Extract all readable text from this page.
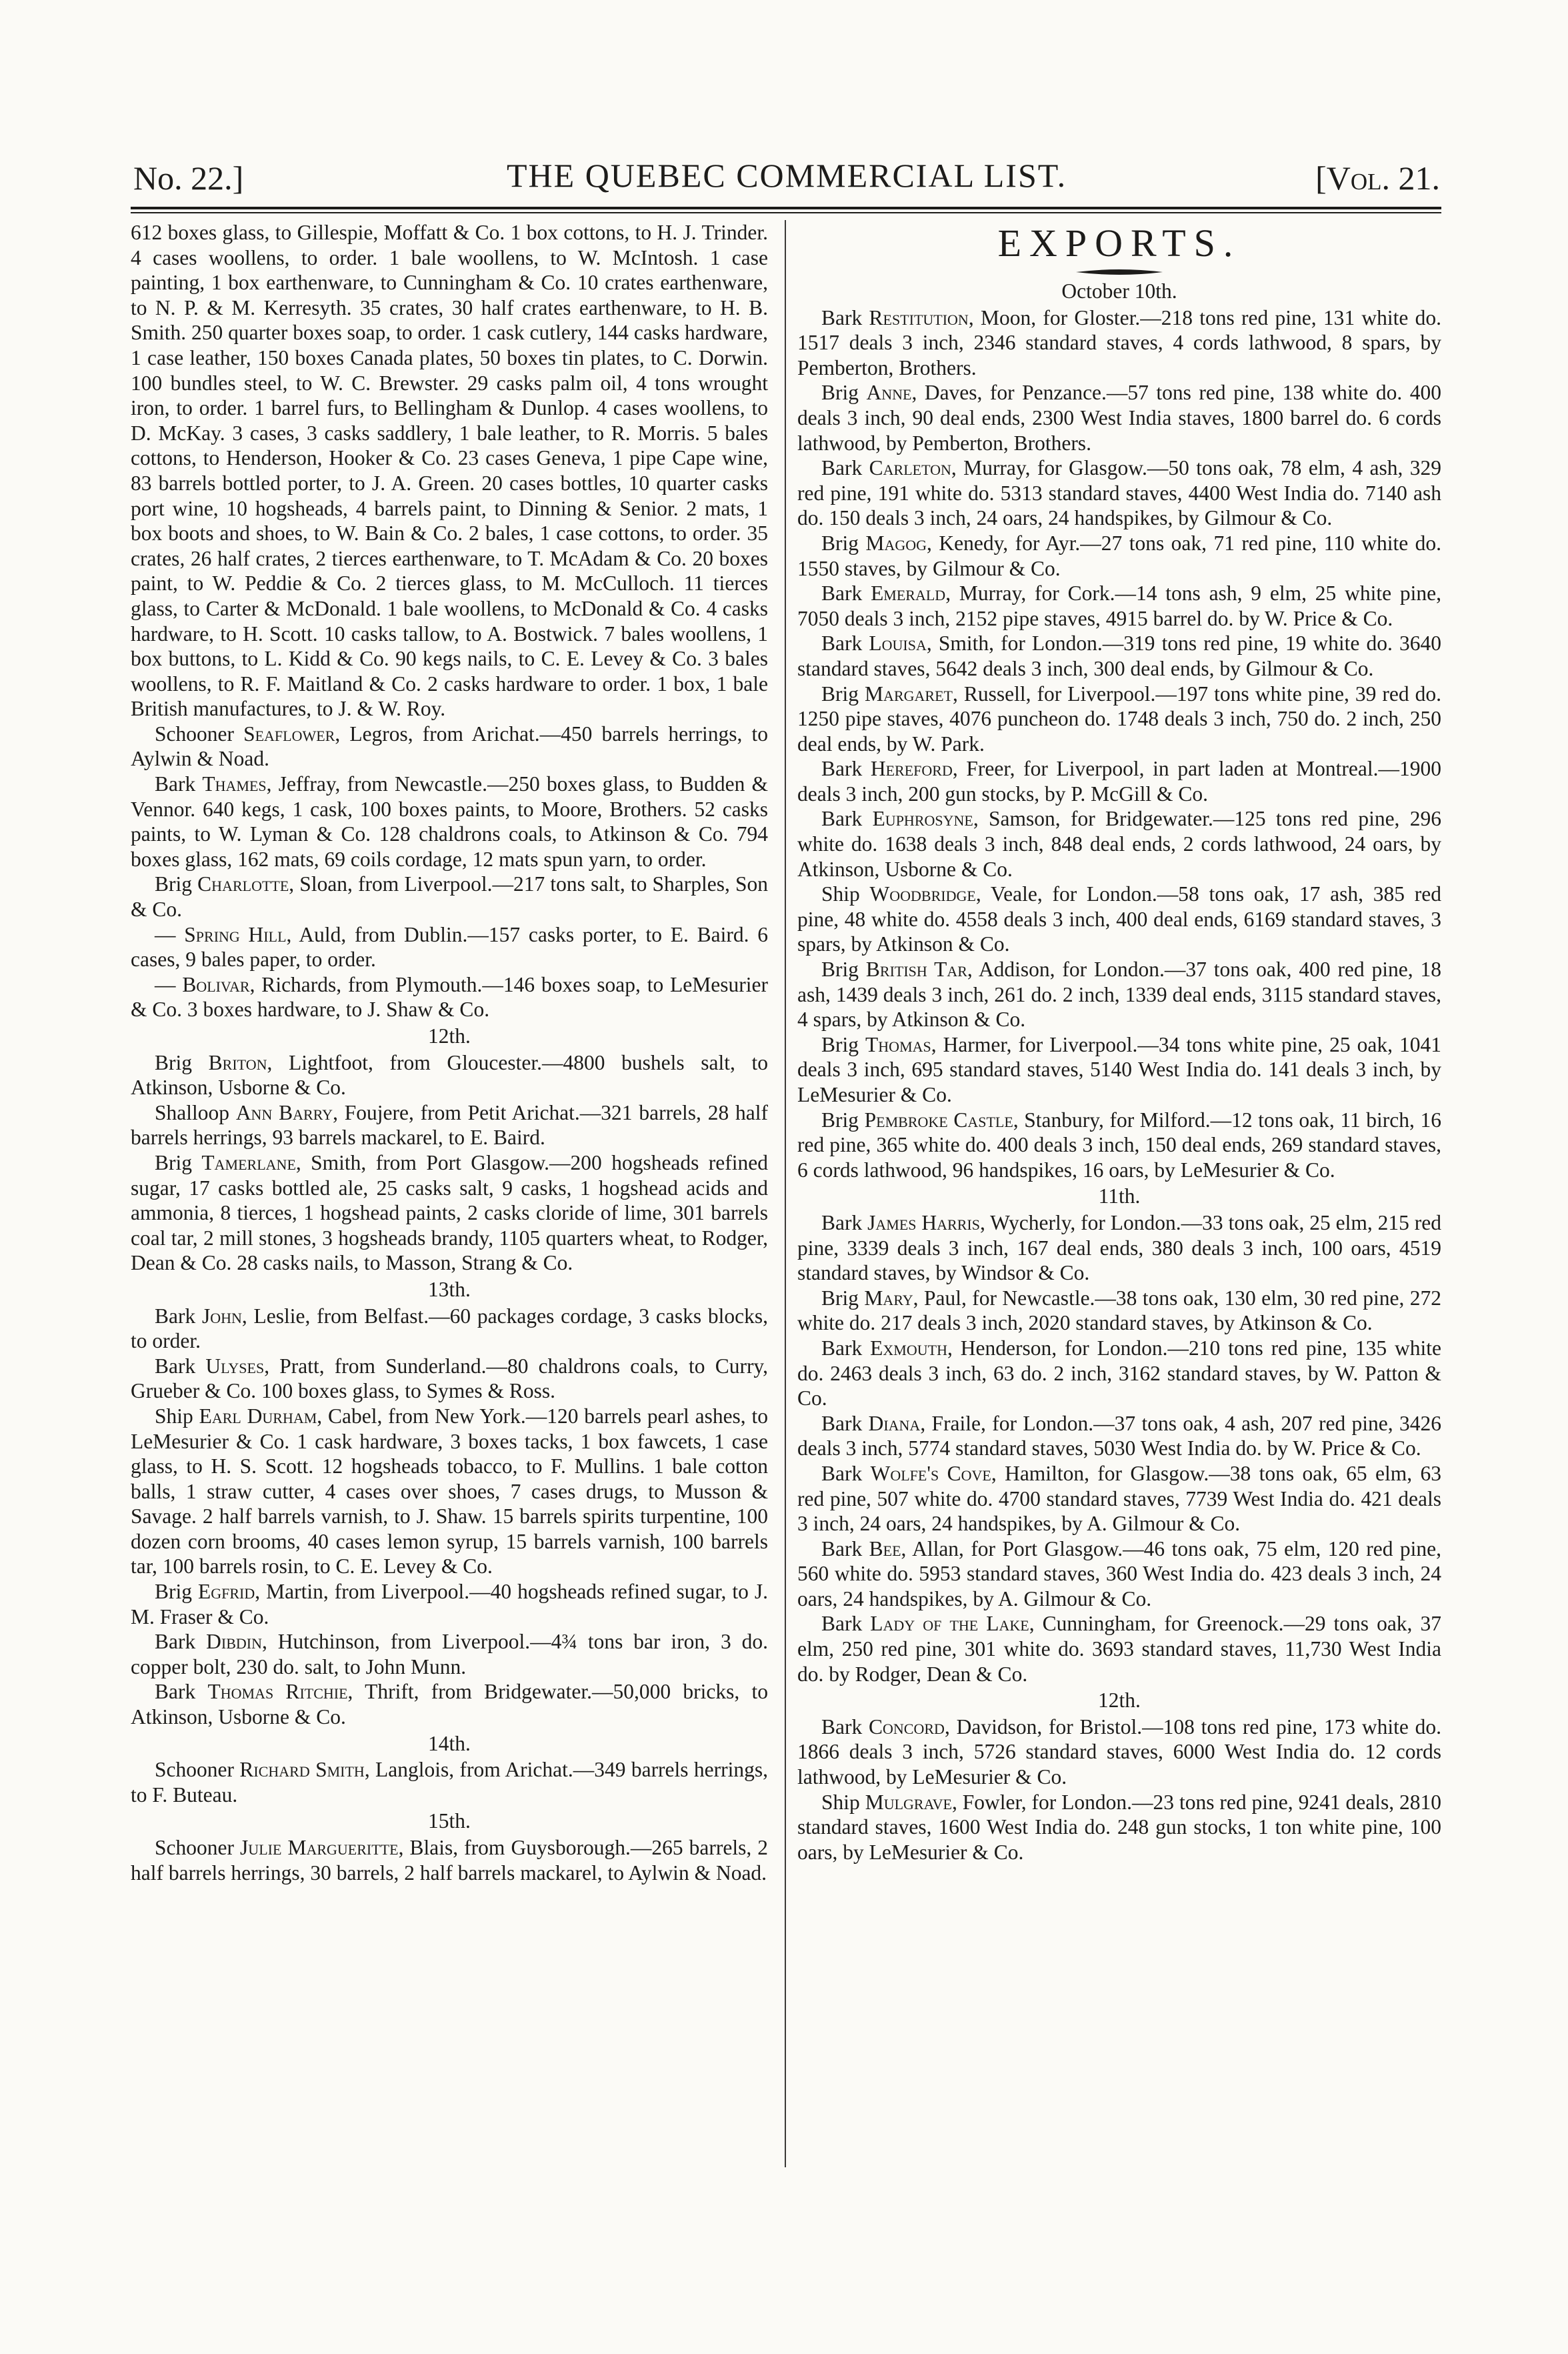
No. 22.]	THE QUEBEC COMMERCIAL LIST.	[Vol. 21.

612 boxes glass, to Gillespie, Moffatt & Co. 1 box cottons, to H. J. Trinder. 4 cases woollens, to order. 1 bale woollens, to W. McIntosh. 1 case painting, 1 box earthenware, to Cunningham & Co. 10 crates earthenware, to N. P. & M. Kerresyth. 35 crates, 30 half crates earthenware, to H. B. Smith. 250 quarter boxes soap, to order. 1 cask cutlery, 144 casks hardware, 1 case leather, 150 boxes Canada plates, 50 boxes tin plates, to C. Dorwin. 100 bundles steel, to W. C. Brewster. 29 casks palm oil, 4 tons wrought iron, to order. 1 barrel furs, to Bellingham & Dunlop. 4 cases woollens, to D. McKay. 3 cases, 3 casks saddlery, 1 bale leather, to R. Morris. 5 bales cottons, to Henderson, Hooker & Co. 23 cases Geneva, 1 pipe Cape wine, 83 barrels bottled porter, to J. A. Green. 20 cases bottles, 10 quarter casks port wine, 10 hogsheads, 4 barrels paint, to Dinning & Senior. 2 mats, 1 box boots and shoes, to W. Bain & Co. 2 bales, 1 case cottons, to order. 35 crates, 26 half crates, 2 tierces earthenware, to T. McAdam & Co. 20 boxes paint, to W. Peddie & Co. 2 tierces glass, to M. McCulloch. 11 tierces glass, to Carter & McDonald. 1 bale woollens, to McDonald & Co. 4 casks hardware, to H. Scott. 10 casks tallow, to A. Bostwick. 7 bales woollens, 1 box buttons, to L. Kidd & Co. 90 kegs nails, to C. E. Levey & Co. 3 bales woollens, to R. F. Maitland & Co. 2 casks hardware to order. 1 box, 1 bale British manufactures, to J. & W. Roy.

Schooner Seaflower, Legros, from Arichat.—450 barrels herrings, to Aylwin & Noad.

Bark Thames, Jeffray, from Newcastle.—250 boxes glass, to Budden & Vennor. 640 kegs, 1 cask, 100 boxes paints, to Moore, Brothers. 52 casks paints, to W. Lyman & Co. 128 chaldrons coals, to Atkinson & Co. 794 boxes glass, 162 mats, 69 coils cordage, 12 mats spun yarn, to order.

Brig Charlotte, Sloan, from Liverpool.—217 tons salt, to Sharples, Son & Co.

— Spring Hill, Auld, from Dublin.—157 casks porter, to E. Baird. 6 cases, 9 bales paper, to order.

— Bolivar, Richards, from Plymouth.—146 boxes soap, to LeMesurier & Co. 3 boxes hardware, to J. Shaw & Co.

12th.

Brig Briton, Lightfoot, from Gloucester.—4800 bushels salt, to Atkinson, Usborne & Co.

Shalloop Ann Barry, Foujere, from Petit Arichat.—321 barrels, 28 half barrels herrings, 93 barrels mackarel, to E. Baird.

Brig Tamerlane, Smith, from Port Glasgow.—200 hogsheads refined sugar, 17 casks bottled ale, 25 casks salt, 9 casks, 1 hogshead acids and ammonia, 8 tierces, 1 hogshead paints, 2 casks cloride of lime, 301 barrels coal tar, 2 mill stones, 3 hogsheads brandy, 1105 quarters wheat, to Rodger, Dean & Co. 28 casks nails, to Masson, Strang & Co.

13th.

Bark John, Leslie, from Belfast.—60 packages cordage, 3 casks blocks, to order.

Bark Ulyses, Pratt, from Sunderland.—80 chaldrons coals, to Curry, Grueber & Co. 100 boxes glass, to Symes & Ross.

Ship Earl Durham, Cabel, from New York.—120 barrels pearl ashes, to LeMesurier & Co. 1 cask hardware, 3 boxes tacks, 1 box fawcets, 1 case glass, to H. S. Scott. 12 hogsheads tobacco, to F. Mullins. 1 bale cotton balls, 1 straw cutter, 4 cases over shoes, 7 cases drugs, to Musson & Savage. 2 half barrels varnish, to J. Shaw. 15 barrels spirits turpentine, 100 dozen corn brooms, 40 cases lemon syrup, 15 barrels varnish, 100 barrels tar, 100 barrels rosin, to C. E. Levey & Co.

Brig Egfrid, Martin, from Liverpool.—40 hogsheads refined sugar, to J. M. Fraser & Co.

Bark Dibdin, Hutchinson, from Liverpool.—4¾ tons bar iron, 3 do. copper bolt, 230 do. salt, to John Munn.

Bark Thomas Ritchie, Thrift, from Bridgewater.—50,000 bricks, to Atkinson, Usborne & Co.

14th.

Schooner Richard Smith, Langlois, from Arichat.—349 barrels herrings, to F. Buteau.

15th.

Schooner Julie Margueritte, Blais, from Guysborough.—265 barrels, 2 half barrels herrings, 30 barrels, 2 half barrels mackarel, to Aylwin & Noad.

EXPORTS.
October 10th.

Bark Restitution, Moon, for Gloster.—218 tons red pine, 131 white do. 1517 deals 3 inch, 2346 standard staves, 4 cords lathwood, 8 spars, by Pemberton, Brothers.

Brig Anne, Daves, for Penzance.—57 tons red pine, 138 white do. 400 deals 3 inch, 90 deal ends, 2300 West India staves, 1800 barrel do. 6 cords lathwood, by Pemberton, Brothers.

Bark Carleton, Murray, for Glasgow.—50 tons oak, 78 elm, 4 ash, 329 red pine, 191 white do. 5313 standard staves, 4400 West India do. 7140 ash do. 150 deals 3 inch, 24 oars, 24 handspikes, by Gilmour & Co.

Brig Magog, Kenedy, for Ayr.—27 tons oak, 71 red pine, 110 white do. 1550 staves, by Gilmour & Co.

Bark Emerald, Murray, for Cork.—14 tons ash, 9 elm, 25 white pine, 7050 deals 3 inch, 2152 pipe staves, 4915 barrel do. by W. Price & Co.

Bark Louisa, Smith, for London.—319 tons red pine, 19 white do. 3640 standard staves, 5642 deals 3 inch, 300 deal ends, by Gilmour & Co.

Brig Margaret, Russell, for Liverpool.—197 tons white pine, 39 red do. 1250 pipe staves, 4076 puncheon do. 1748 deals 3 inch, 750 do. 2 inch, 250 deal ends, by W. Park.

Bark Hereford, Freer, for Liverpool, in part laden at Montreal.—1900 deals 3 inch, 200 gun stocks, by P. McGill & Co.

Bark Euphrosyne, Samson, for Bridgewater.—125 tons red pine, 296 white do. 1638 deals 3 inch, 848 deal ends, 2 cords lathwood, 24 oars, by Atkinson, Usborne & Co.

Ship Woodbridge, Veale, for London.—58 tons oak, 17 ash, 385 red pine, 48 white do. 4558 deals 3 inch, 400 deal ends, 6169 standard staves, 3 spars, by Atkinson & Co.

Brig British Tar, Addison, for London.—37 tons oak, 400 red pine, 18 ash, 1439 deals 3 inch, 261 do. 2 inch, 1339 deal ends, 3115 standard staves, 4 spars, by Atkinson & Co.

Brig Thomas, Harmer, for Liverpool.—34 tons white pine, 25 oak, 1041 deals 3 inch, 695 standard staves, 5140 West India do. 141 deals 3 inch, by LeMesurier & Co.

Brig Pembroke Castle, Stanbury, for Milford.—12 tons oak, 11 birch, 16 red pine, 365 white do. 400 deals 3 inch, 150 deal ends, 269 standard staves, 6 cords lathwood, 96 handspikes, 16 oars, by LeMesurier & Co.

11th.

Bark James Harris, Wycherly, for London.—33 tons oak, 25 elm, 215 red pine, 3339 deals 3 inch, 167 deal ends, 380 deals 3 inch, 100 oars, 4519 standard staves, by Windsor & Co.

Brig Mary, Paul, for Newcastle.—38 tons oak, 130 elm, 30 red pine, 272 white do. 217 deals 3 inch, 2020 standard staves, by Atkinson & Co.

Bark Exmouth, Henderson, for London.—210 tons red pine, 135 white do. 2463 deals 3 inch, 63 do. 2 inch, 3162 standard staves, by W. Patton & Co.

Bark Diana, Fraile, for London.—37 tons oak, 4 ash, 207 red pine, 3426 deals 3 inch, 5774 standard staves, 5030 West India do. by W. Price & Co.

Bark Wolfe's Cove, Hamilton, for Glasgow.—38 tons oak, 65 elm, 63 red pine, 507 white do. 4700 standard staves, 7739 West India do. 421 deals 3 inch, 24 oars, 24 handspikes, by A. Gilmour & Co.

Bark Bee, Allan, for Port Glasgow.—46 tons oak, 75 elm, 120 red pine, 560 white do. 5953 standard staves, 360 West India do. 423 deals 3 inch, 24 oars, 24 handspikes, by A. Gilmour & Co.

Bark Lady of the Lake, Cunningham, for Greenock.—29 tons oak, 37 elm, 250 red pine, 301 white do. 3693 standard staves, 11,730 West India do. by Rodger, Dean & Co.

12th.

Bark Concord, Davidson, for Bristol.—108 tons red pine, 173 white do. 1866 deals 3 inch, 5726 standard staves, 6000 West India do. 12 cords lathwood, by LeMesurier & Co.

Ship Mulgrave, Fowler, for London.—23 tons red pine, 9241 deals, 2810 standard staves, 1600 West India do. 248 gun stocks, 1 ton white pine, 100 oars, by LeMesurier & Co.
